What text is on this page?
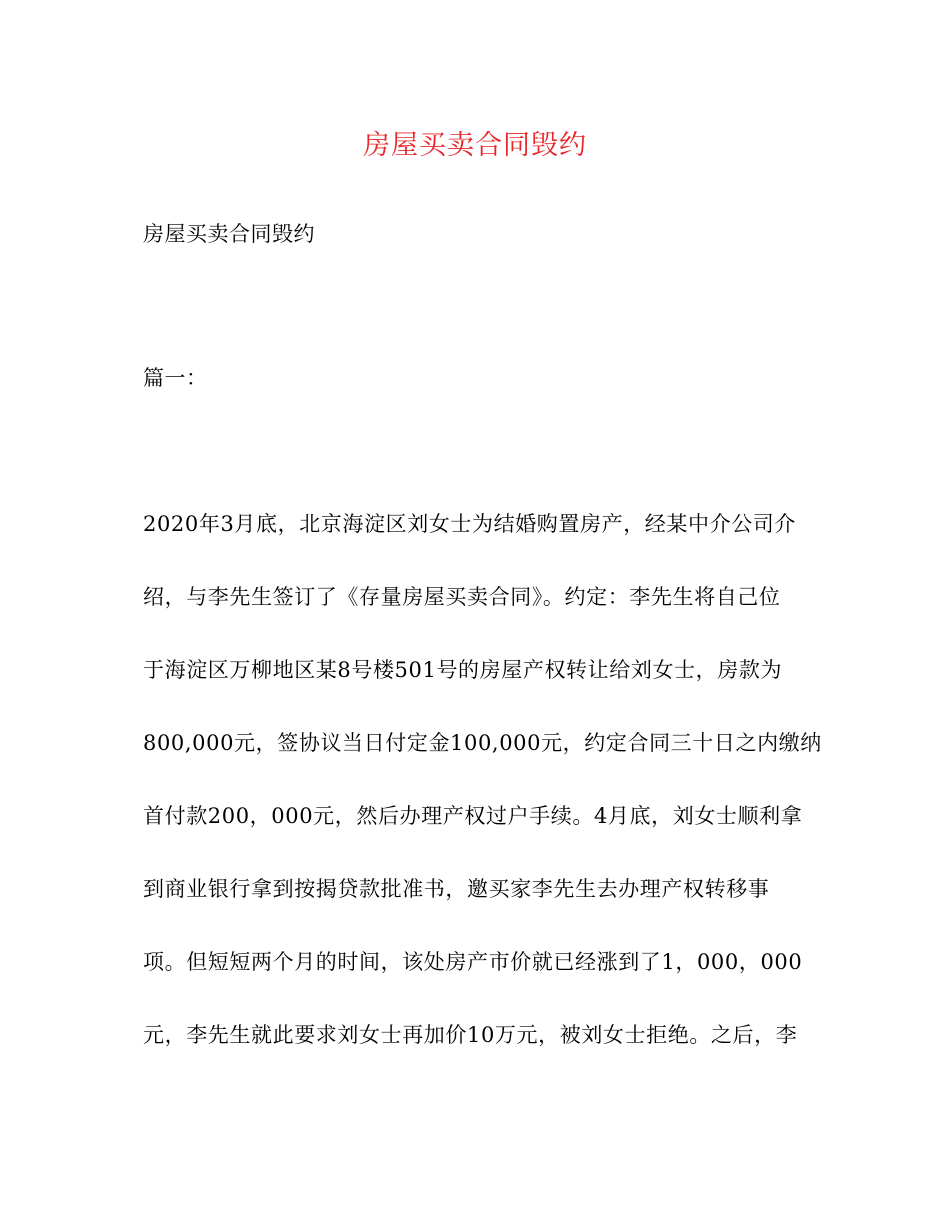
房屋买卖合同毁约
房屋买卖合同毁约
篇一：
2020年3月底，北京海淀区刘女士为结婚购置房产，经某中介公司介
绍，与李先生签订了《存量房屋买卖合同》。约定：李先生将自己位
于海淀区万柳地区某8号楼501号的房屋产权转让给刘女士，房款为
800,000元，签协议当日付定金100,000元，约定合同三十日之内缴纳
首付款200，000元，然后办理产权过户手续。4月底，刘女士顺利拿
到商业银行拿到按揭贷款批准书，邀买家李先生去办理产权转移事
项。但短短两个月的时间，该处房产市价就已经涨到了1，000，000
元，李先生就此要求刘女士再加价10万元，被刘女士拒绝。之后，李
